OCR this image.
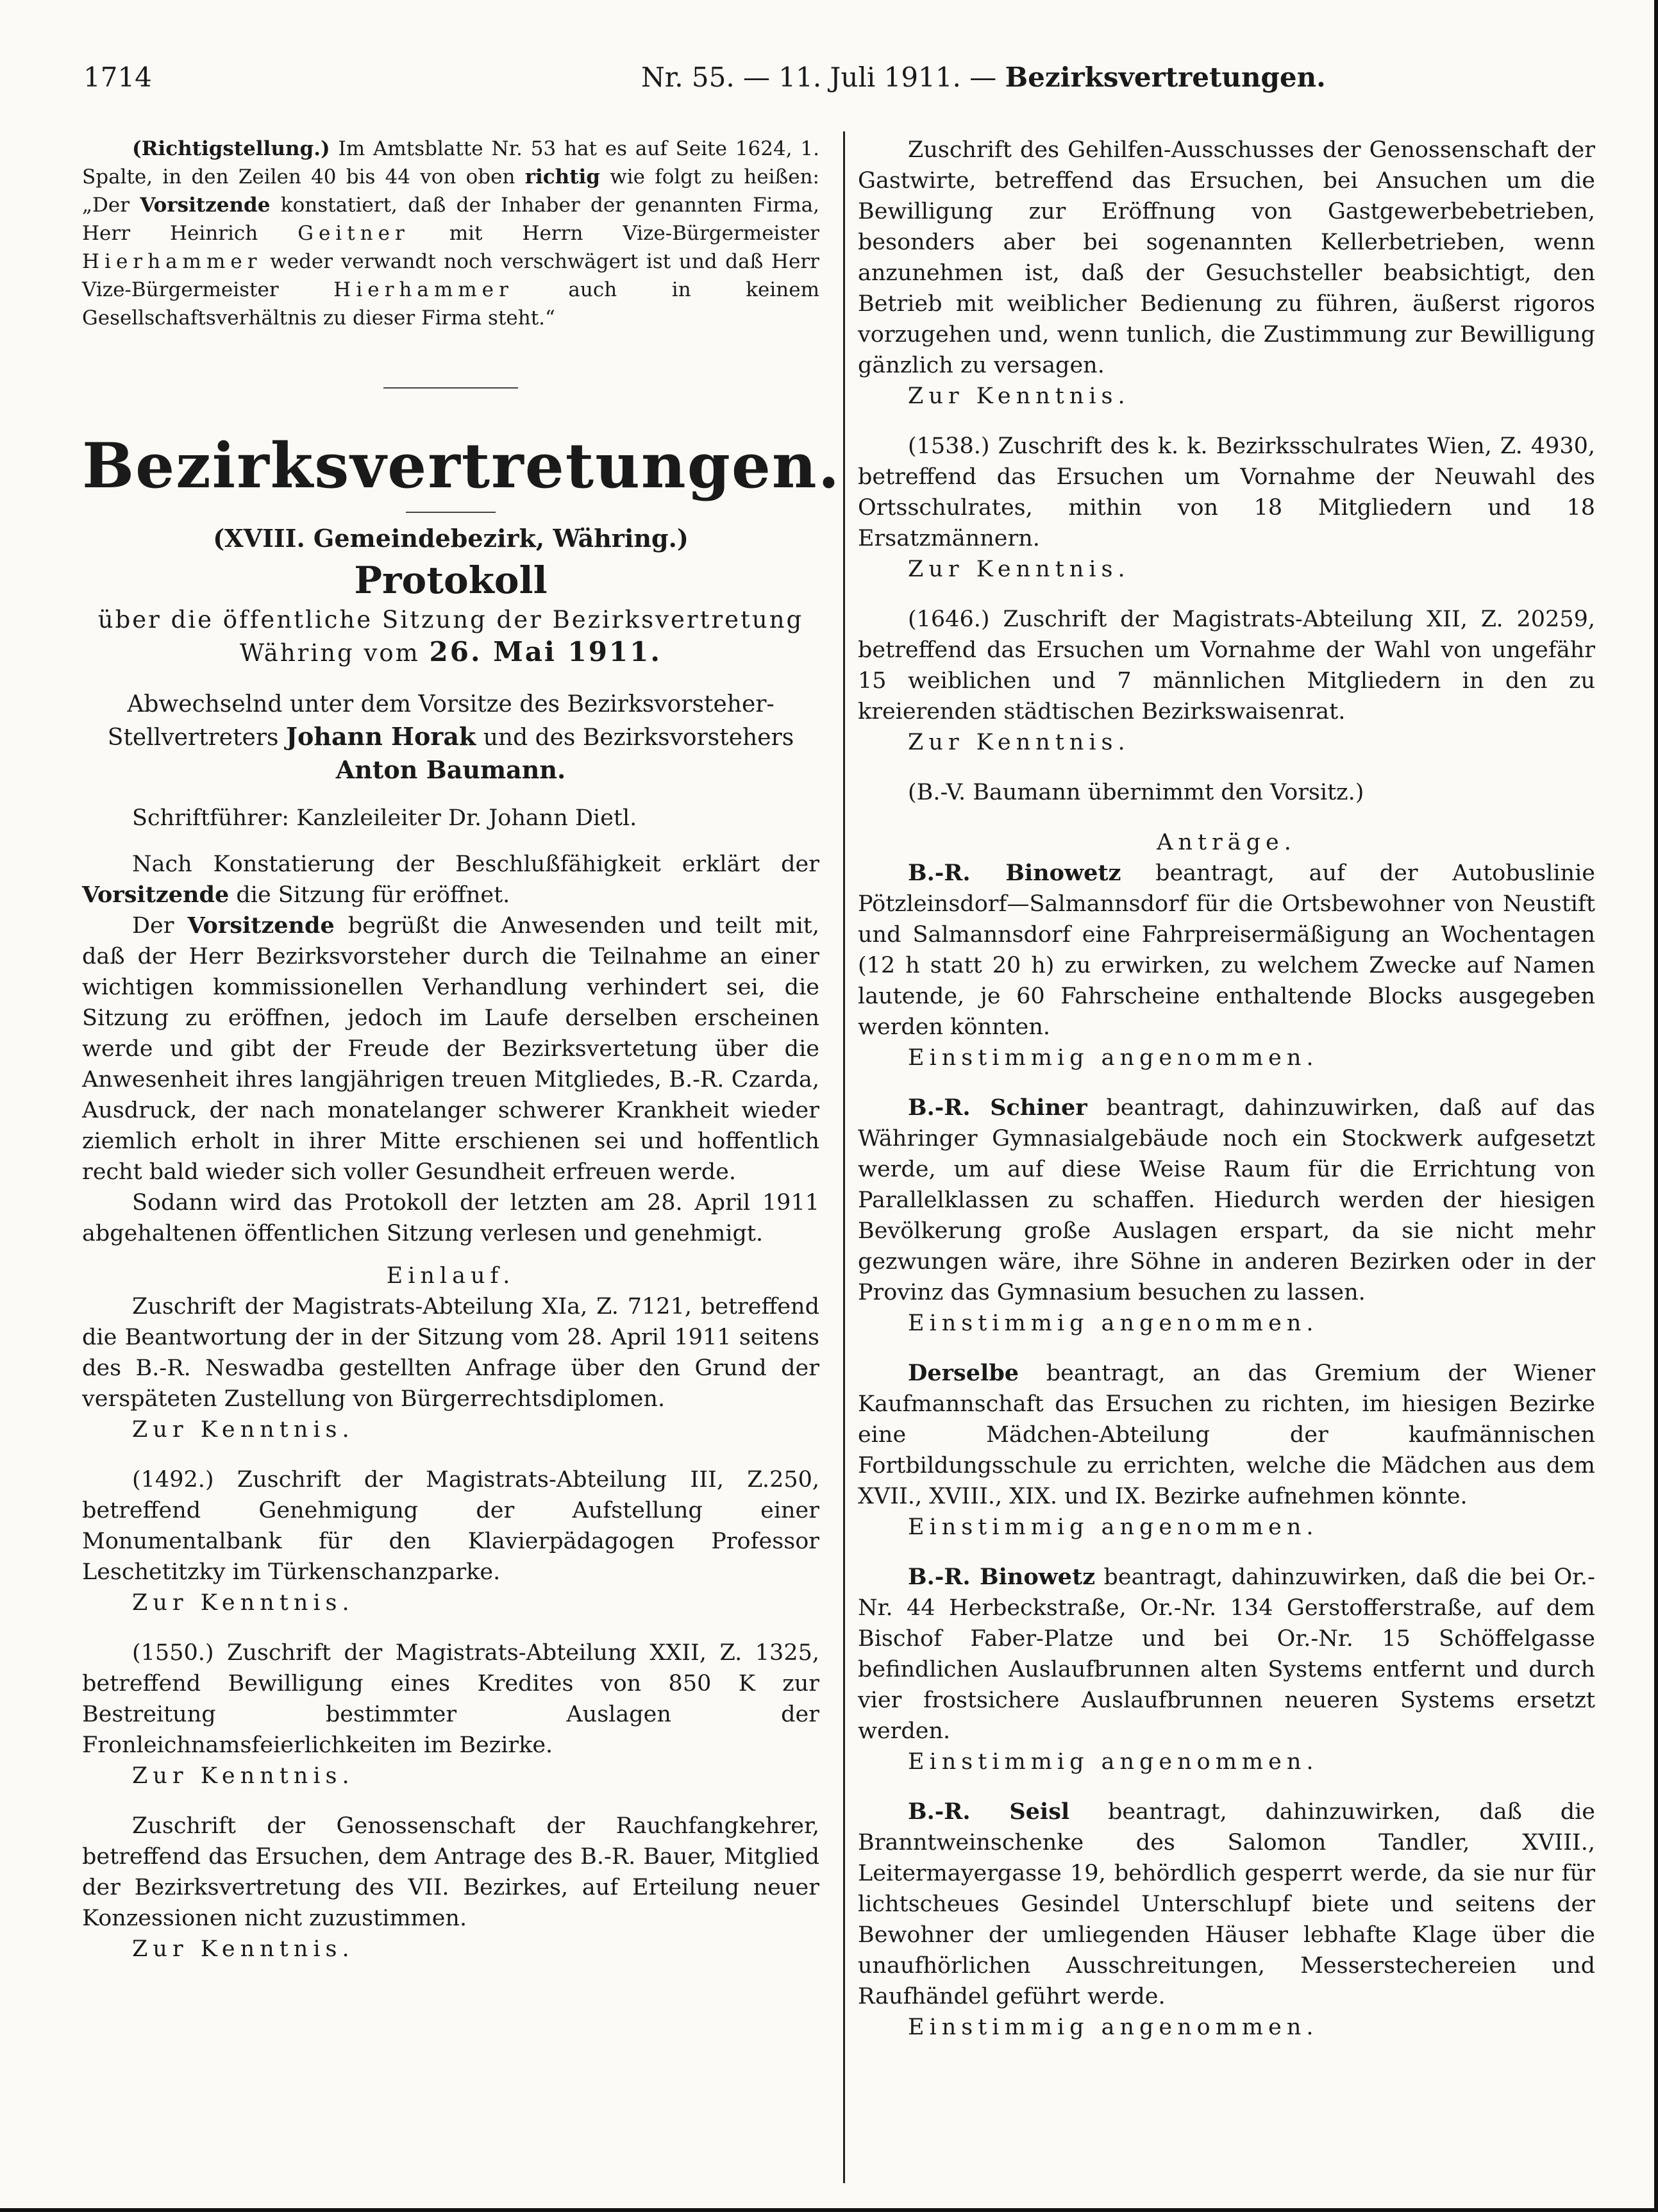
1714	Nr. 55. — 11. Juli 1911. — Bezirksvertretungen.

(Richtigstellung.) Im Amtsblatte Nr. 53 hat es auf Seite 1624, 1. Spalte, in den Zeilen 40 bis 44 von oben richtig wie folgt zu heißen: „Der Vorsitzende konstatiert, daß der Inhaber der genannten Firma, Herr Heinrich Geitner mit Herrn Vize-Bürgermeister Hierhammer weder verwandt noch verschwägert ist und daß Herr Vize-Bürgermeister Hierhammer auch in keinem Gesellschaftsverhältnis zu dieser Firma steht.“

Bezirksvertretungen.
(XVIII. Gemeindebezirk, Währing.)
Protokoll
über die öffentliche Sitzung der Bezirksvertretung
Währing vom 26. Mai 1911.
Abwechselnd unter dem Vorsitze des Bezirksvorsteher-Stellvertreters Johann Horak und des Bezirksvorstehers
Anton Baumann.

Schriftführer: Kanzleileiter Dr. Johann Dietl.

Nach Konstatierung der Beschlußfähigkeit erklärt der Vorsitzende die Sitzung für eröffnet.

Der Vorsitzende begrüßt die Anwesenden und teilt mit, daß der Herr Bezirksvorsteher durch die Teilnahme an einer wichtigen kommissionellen Verhandlung verhindert sei, die Sitzung zu eröffnen, jedoch im Laufe derselben erscheinen werde und gibt der Freude der Bezirksvertetung über die Anwesenheit ihres langjährigen treuen Mitgliedes, B.-R. Czarda, Ausdruck, der nach monatelanger schwerer Krankheit wieder ziemlich erholt in ihrer Mitte erschienen sei und hoffentlich recht bald wieder sich voller Gesundheit erfreuen werde.

Sodann wird das Protokoll der letzten am 28. April 1911 abgehaltenen öffentlichen Sitzung verlesen und genehmigt.

Einlauf.

Zuschrift der Magistrats-Abteilung XIa, Z. 7121, betreffend die Beantwortung der in der Sitzung vom 28. April 1911 seitens des B.-R. Neswadba gestellten Anfrage über den Grund der verspäteten Zustellung von Bürgerrechtsdiplomen.

Zur Kenntnis.

(1492.) Zuschrift der Magistrats-Abteilung III, Z.250, betreffend Genehmigung der Aufstellung einer Monumentalbank für den Klavierpädagogen Professor Leschetitzky im Türkenschanzparke.

Zur Kenntnis.

(1550.) Zuschrift der Magistrats-Abteilung XXII, Z. 1325, betreffend Bewilligung eines Kredites von 850 K zur Bestreitung bestimmter Auslagen der Fronleichnamsfeierlichkeiten im Bezirke.

Zur Kenntnis.

Zuschrift der Genossenschaft der Rauchfangkehrer, betreffend das Ersuchen, dem Antrage des B.-R. Bauer, Mitglied der Bezirksvertretung des VII. Bezirkes, auf Erteilung neuer Konzessionen nicht zuzustimmen.

Zur Kenntnis.

Zuschrift des Gehilfen-Ausschusses der Genossenschaft der Gastwirte, betreffend das Ersuchen, bei Ansuchen um die Bewilligung zur Eröffnung von Gastgewerbebetrieben, besonders aber bei sogenannten Kellerbetrieben, wenn anzunehmen ist, daß der Gesuchsteller beabsichtigt, den Betrieb mit weiblicher Bedienung zu führen, äußerst rigoros vorzugehen und, wenn tunlich, die Zustimmung zur Bewilligung gänzlich zu versagen.

Zur Kenntnis.

(1538.) Zuschrift des k. k. Bezirksschulrates Wien, Z. 4930, betreffend das Ersuchen um Vornahme der Neuwahl des Ortsschulrates, mithin von 18 Mitgliedern und 18 Ersatzmännern.

Zur Kenntnis.

(1646.) Zuschrift der Magistrats-Abteilung XII, Z. 20259, betreffend das Ersuchen um Vornahme der Wahl von ungefähr 15 weiblichen und 7 männlichen Mitgliedern in den zu kreierenden städtischen Bezirkswaisenrat.

Zur Kenntnis.

(B.-V. Baumann übernimmt den Vorsitz.)

Anträge.

B.-R. Binowetz beantragt, auf der Autobuslinie Pötzleinsdorf—Salmannsdorf für die Ortsbewohner von Neustift und Salmannsdorf eine Fahrpreisermäßigung an Wochentagen (12 h statt 20 h) zu erwirken, zu welchem Zwecke auf Namen lautende, je 60 Fahrscheine enthaltende Blocks ausgegeben werden könnten.

Einstimmig angenommen.

B.-R. Schiner beantragt, dahinzuwirken, daß auf das Währinger Gymnasialgebäude noch ein Stockwerk aufgesetzt werde, um auf diese Weise Raum für die Errichtung von Parallelklassen zu schaffen. Hiedurch werden der hiesigen Bevölkerung große Auslagen erspart, da sie nicht mehr gezwungen wäre, ihre Söhne in anderen Bezirken oder in der Provinz das Gymnasium besuchen zu lassen.

Einstimmig angenommen.

Derselbe beantragt, an das Gremium der Wiener Kaufmannschaft das Ersuchen zu richten, im hiesigen Bezirke eine Mädchen-Abteilung der kaufmännischen Fortbildungsschule zu errichten, welche die Mädchen aus dem XVII., XVIII., XIX. und IX. Bezirke aufnehmen könnte.

Einstimmig angenommen.

B.-R. Binowetz beantragt, dahinzuwirken, daß die bei Or.-Nr. 44 Herbeckstraße, Or.-Nr. 134 Gerstofferstraße, auf dem Bischof Faber-Platze und bei Or.-Nr. 15 Schöffelgasse befindlichen Auslaufbrunnen alten Systems entfernt und durch vier frostsichere Auslaufbrunnen neueren Systems ersetzt werden.

Einstimmig angenommen.

B.-R. Seisl beantragt, dahinzuwirken, daß die Branntweinschenke des Salomon Tandler, XVIII., Leitermayergasse 19, behördlich gesperrt werde, da sie nur für lichtscheues Gesindel Unterschlupf biete und seitens der Bewohner der umliegenden Häuser lebhafte Klage über die unaufhörlichen Ausschreitungen, Messerstechereien und Raufhändel geführt werde.

Einstimmig angenommen.
